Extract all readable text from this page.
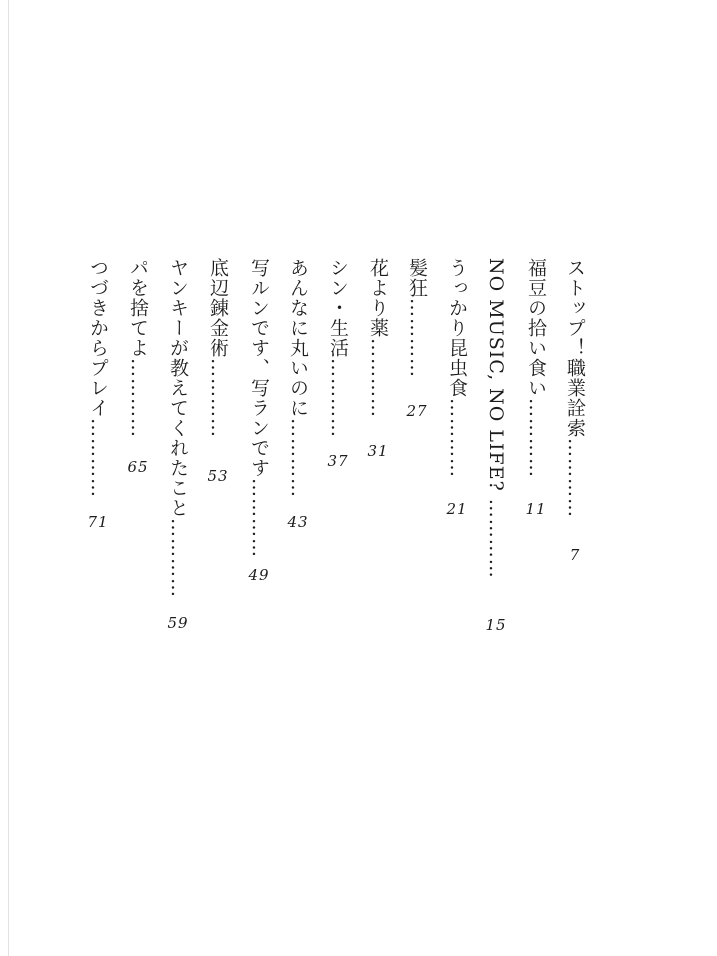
ストップ！職業詮索…………
7
福豆の拾い食い…………
11
NO MUSIC, NO LIFE? …………
15
うっかり昆虫食…………
21
髪狂…………
27
花より薬…………
31
シン・生活…………
37
あんなに丸いのに…………
43
写ルンです、写ランです…………
49
底辺錬金術…………
53
ヤンキーが教えてくれたこと…………
59
パを捨てよ…………
65
つづきからプレイ…………
71
